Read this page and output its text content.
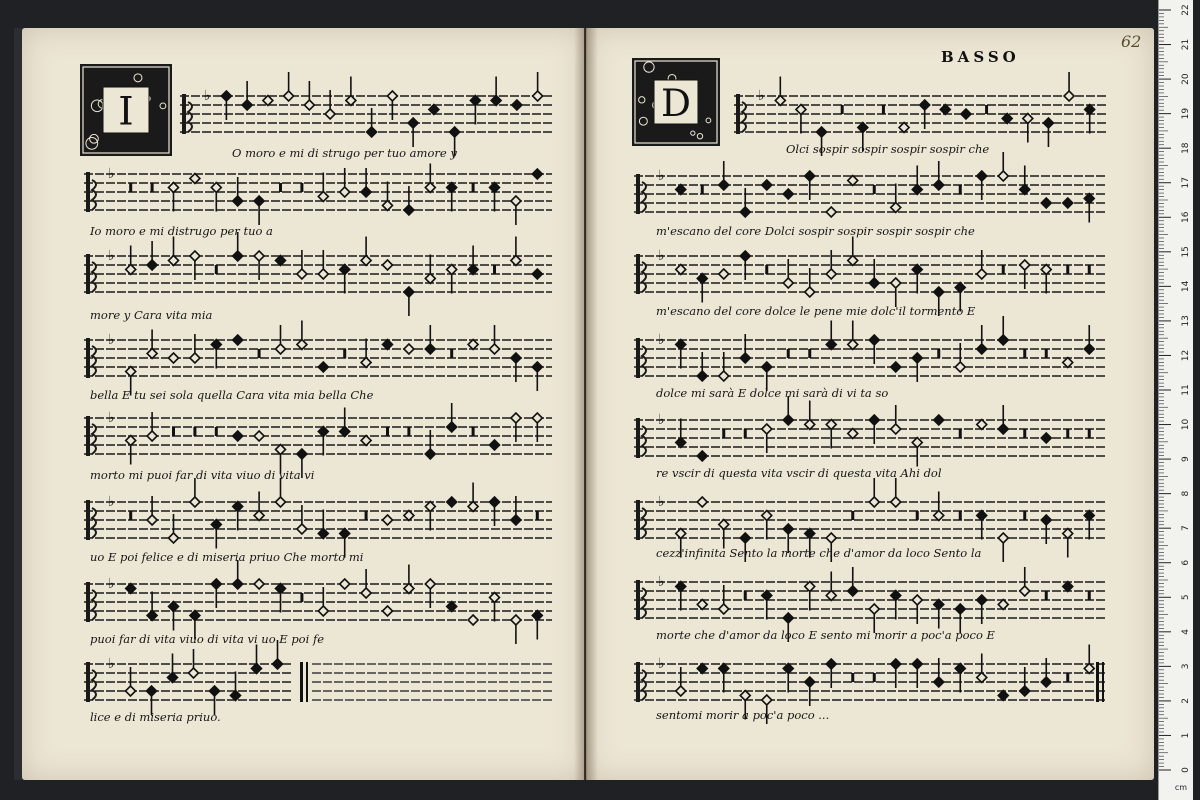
I	♭
♭
♭
♭
♭
♭
♭
♭
O moro e mi di strugo per tuo amore y
Io moro e mi distrugo per tuo a
more y Cara vita mia
bella E tu sei sola quella Cara vita mia bella Che
morto mi puoi far di vita viuo di vita vi
uo E poi felice e di miseria priuo Che morto mi
puoi far di vita viuo di vita vi uo E poi fe
lice e di miseria priuo.
D	♭
♭
♭
♭
♭
♭
♭
♭
BASSO
62
Olci sospir sospir sospir sospir che
m'escano del core Dolci sospir sospir sospir sospir che
m'escano del core dolce le pene mie dolc'il tormento E
dolce mi sarà E dolce mi sarà di vi ta so
re vscir di questa vita vscir di questa vita Ahi dol
cezz'infinita Sento la morte che d'amor da loco Sento la
morte che d'amor da loco E sento mi morir a poc'a poco E
sentomi morir a poc'a poco ...
0
1
2
3
4
5
6
7
8
9
10
11
12
13
14
15
16
17
18
19
20
21
22
cm
